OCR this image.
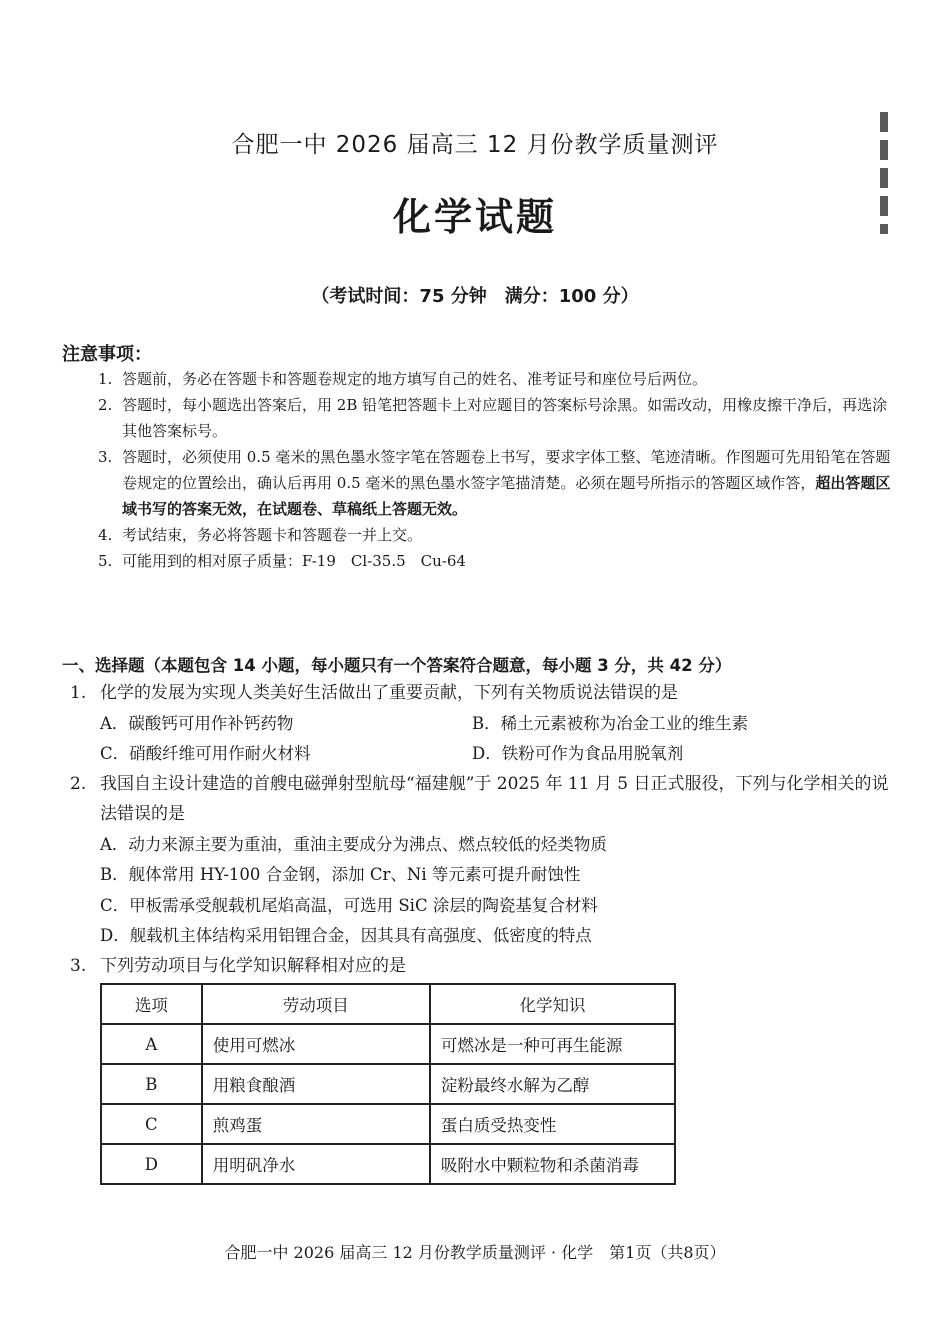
合肥一中 2026 届高三 12 月份教学质量测评
化学试题
（考试时间：75 分钟　满分：100 分）
注意事项：
1. 答题前，务必在答题卡和答题卷规定的地方填写自己的姓名、准考证号和座位号后两位。
2. 答题时，每小题选出答案后，用 2B 铅笔把答题卡上对应题目的答案标号涂黑。如需改动，用橡皮擦干净后，再选涂其他答案标号。
3. 答题时，必须使用 0.5 毫米的黑色墨水签字笔在答题卷上书写，要求字体工整、笔迹清晰。作图题可先用铅笔在答题卷规定的位置绘出，确认后再用 0.5 毫米的黑色墨水签字笔描清楚。必须在题号所指示的答题区域作答，超出答题区域书写的答案无效，在试题卷、草稿纸上答题无效。
4. 考试结束，务必将答题卡和答题卷一并上交。
5. 可能用到的相对原子质量：F-19　Cl-35.5　Cu-64
一、选择题（本题包含 14 小题，每小题只有一个答案符合题意，每小题 3 分，共 42 分）
1. 化学的发展为实现人类美好生活做出了重要贡献，下列有关物质说法错误的是
A．碳酸钙可用作补钙药物	B．稀土元素被称为冶金工业的维生素
C．硝酸纤维可用作耐火材料	D．铁粉可作为食品用脱氧剂
2. 我国自主设计建造的首艘电磁弹射型航母“福建舰”于 2025 年 11 月 5 日正式服役，下列与化学相关的说法错误的是
A．动力来源主要为重油，重油主要成分为沸点、燃点较低的烃类物质
B．舰体常用 HY-100 合金钢，添加 Cr、Ni 等元素可提升耐蚀性
C．甲板需承受舰载机尾焰高温，可选用 SiC 涂层的陶瓷基复合材料
D．舰载机主体结构采用铝锂合金，因其具有高强度、低密度的特点
3. 下列劳动项目与化学知识解释相对应的是
选项	劳动项目	化学知识
A	使用可燃冰	可燃冰是一种可再生能源
B	用粮食酿酒	淀粉最终水解为乙醇
C	煎鸡蛋	蛋白质受热变性
D	用明矾净水	吸附水中颗粒物和杀菌消毒
合肥一中 2026 届高三 12 月份教学质量测评 · 化学　第1页（共8页）
